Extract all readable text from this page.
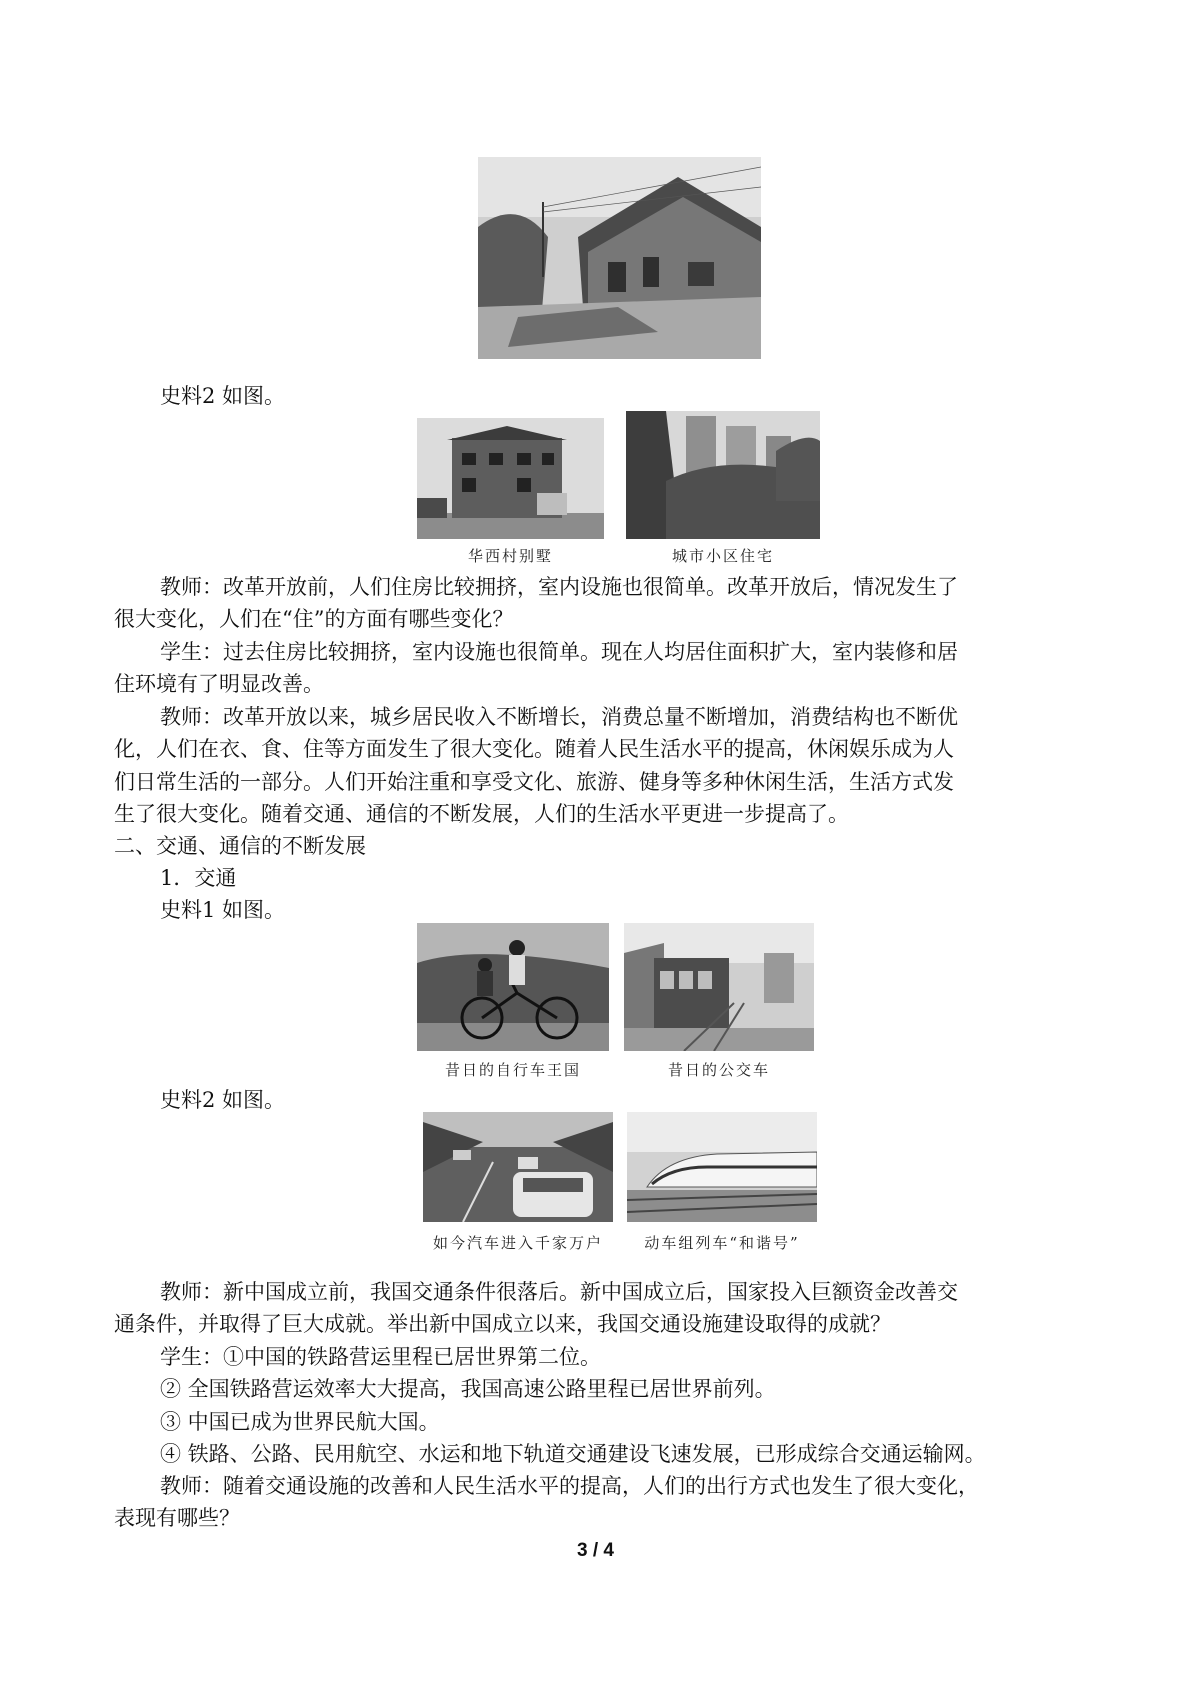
史料2 如图。
华西村别墅	城市小区住宅
教师：改革开放前，人们住房比较拥挤，室内设施也很简单。改革开放后，情况发生了
很大变化，人们在“住”的方面有哪些变化？
学生：过去住房比较拥挤，室内设施也很简单。现在人均居住面积扩大，室内装修和居
住环境有了明显改善。
教师：改革开放以来，城乡居民收入不断增长，消费总量不断增加，消费结构也不断优
化，人们在衣、食、住等方面发生了很大变化。随着人民生活水平的提高，休闲娱乐成为人
们日常生活的一部分。人们开始注重和享受文化、旅游、健身等多种休闲生活，生活方式发
生了很大变化。随着交通、通信的不断发展，人们的生活水平更进一步提高了。
二、交通、通信的不断发展
1．交通
史料1 如图。
昔日的自行车王国	昔日的公交车
史料2 如图。
如今汽车进入千家万户	动车组列车“和谐号”
教师：新中国成立前，我国交通条件很落后。新中国成立后，国家投入巨额资金改善交
通条件，并取得了巨大成就。举出新中国成立以来，我国交通设施建设取得的成就？
学生：①中国的铁路营运里程已居世界第二位。
② 全国铁路营运效率大大提高，我国高速公路里程已居世界前列。
③ 中国已成为世界民航大国。
④ 铁路、公路、民用航空、水运和地下轨道交通建设飞速发展，已形成综合交通运输网。
教师：随着交通设施的改善和人民生活水平的提高，人们的出行方式也发生了很大变化，
表现有哪些？
3 / 4
